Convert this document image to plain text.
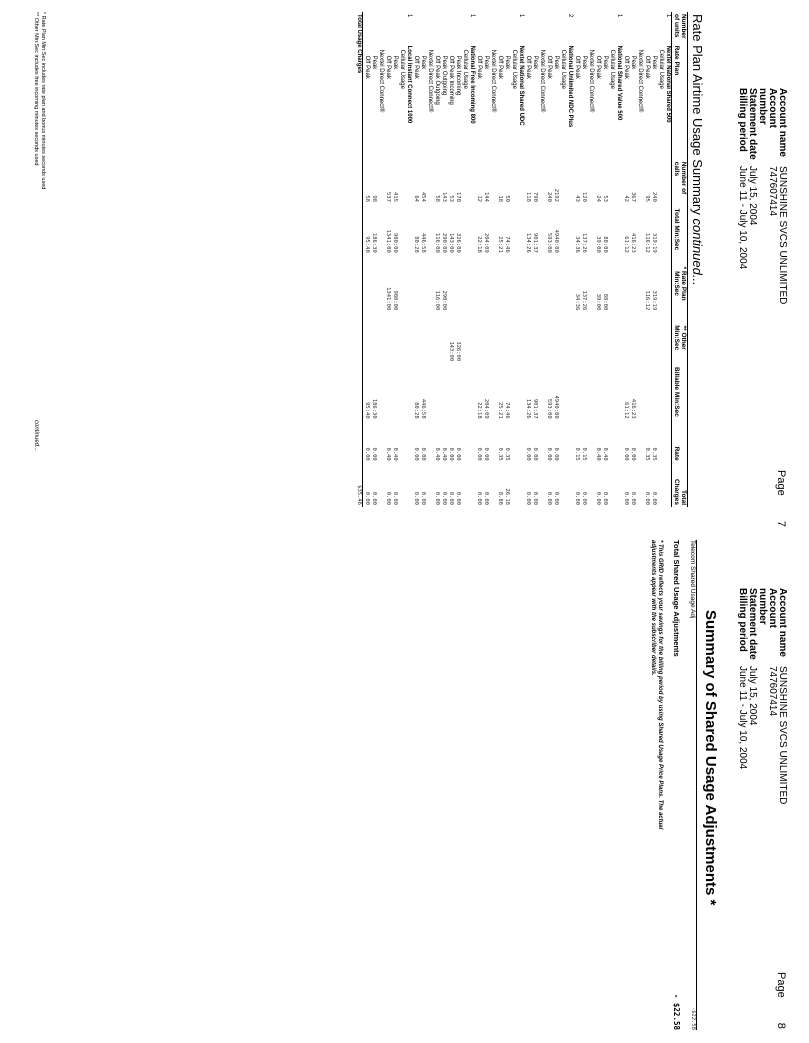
Page 7
Account name
SUNSHINE SVCS UNLIMITED
Account number
747607414
Statement date
July 15, 2004
Billing period
June 11 - July 10, 2004
Rate Plan Airtime Usage Summary continued...
Number of units	Rate Plan	Number of calls	Total Min:Sec	* Rate Plan Min:Sec	** Other Min:Sec	Billable Min:Sec	Rate	Total Charges
1	Nextel National Shared 500							
	Cellular Usage							
	Peak	240	319:19	319:19			0.35	0.00
	Off Peak	95	116:12	116:12			0.35	0.00
	Nextel Direct Connect®							
	Peak	367	416:23			416:23	0.00	0.00
	Off Peak	42	61:12			61:12	0.00	0.00
1	National Shared Value 500							
	Cellular Usage							
	Peak	53	88:00	88:00			0.40	0.00
	Off Peak	24	39:00	39:00			0.40	0.00
	Nextel Direct Connect®							
	Peak	120	137:26	137:26			0.15	0.00
	Off Peak	43	34:36	34:36			0.15	0.00
2	National Unlimited NDC Plus							
	Cellular Usage							
	Peak	2192	4940:00			4940:00	0.00	0.00
	Off Peak	240	593:00			593:00	0.00	0.00
	Nextel Direct Connect®							
	Peak	790	901:37			901:37	0.00	0.00
	Off Peak	118	134:26			134:26	0.00	0.00
1	Nextel National Shared UDC							
	Cellular Usage							
	Peak	50	74:46			74:46	0.35	26.18
	Off Peak	18	25:21			25:21	0.35	8.88
	Nextel Direct Connect®							
	Peak	144	204:09			204:09	0.00	0.00
	Off Peak	12	22:18			22:18	0.00	0.00
1	National Free Incoming 800							
	Cellular Usage							
	Peak Incoming	170	326:00		326:00		0.00	0.00
	Off Peak Incoming	53	143:00		143:00		0.00	0.00
	Peak Outgoing	143	290:00	290:00			0.40	0.00
	Off Peak Outgoing	58	116:00	116:00			0.40	0.00
	Nextel Direct Connect®							
	Peak	454	446:58			446:58	0.00	0.00
	Off Peak	64	80:28			80:28	0.00	0.00
1	Local Instant Connect 1000							
	Cellular Usage							
	Peak	415	980:00	980:00			0.40	0.00
	Off Peak	537	1341:00	1341:00			0.40	0.00
	Nextel Direct Connect®							
	Peak	98	186:30			186:30	0.00	0.00
	Off Peak	58	95:40			95:40	0.00	0.00
Total Usage Charges								$35.46
* Rate Plan Min:Sec includes rate plan and bonus minutes seconds used
** Other Min:Sec includes free incoming minutes seconds used
continued...
Page 8
Account name
SUNSHINE SVCS UNLIMITED
Account number
747607414
Statement date
July 15, 2004
Billing period
June 11 - July 10, 2004
Summary of Shared Usage Adjustments *
Telecom Shared Usage Adj
-$22.58
Total Shared Usage Adjustments
- $22.58
* This GRID reflects your savings for the billing period by using Shared Usage Price Plans. The actual adjustments appear with the subscriber details.
